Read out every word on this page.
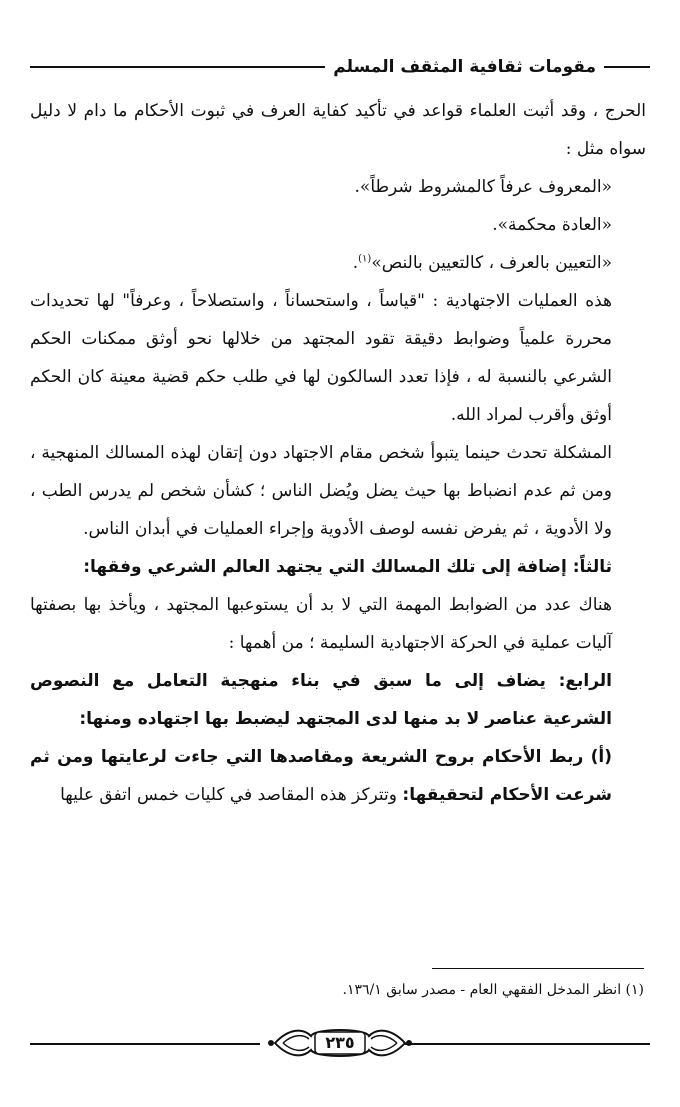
مقومات ثقافية المثقف المسلم

الحرج ، وقد أثبت العلماء قواعد في تأكيد كفاية العرف في ثبوت الأحكام ما دام لا دليل سواه مثل :

«المعروف عرفاً كالمشروط شرطاً».

«العادة محكمة».

«التعيين بالعرف ، كالتعيين بالنص»$^{(١)}$.

هذه العمليات الاجتهادية : "قياساً ، واستحساناً ، واستصلاحاً ، وعرفاً" لها تحديدات محررة علمياً وضوابط دقيقة تقود المجتهد من خلالها نحو أوثق ممكنات الحكم الشرعي بالنسبة له ، فإذا تعدد السالكون لها في طلب حكم قضية معينة كان الحكم أوثق وأقرب لمراد الله.

المشكلة تحدث حينما يتبوأ شخص مقام الاجتهاد دون إتقان لهذه المسالك المنهجية ، ومن ثم عدم انضباط بها حيث يضل ويُضل الناس ؛ كشأن شخص لم يدرس الطب ، ولا الأدوية ، ثم يفرض نفسه لوصف الأدوية وإجراء العمليات في أبدان الناس.

ثالثاً: إضافة إلى تلك المسالك التي يجتهد العالم الشرعي وفقها:

هناك عدد من الضوابط المهمة التي لا بد أن يستوعبها المجتهد ، ويأخذ بها بصفتها آليات عملية في الحركة الاجتهادية السليمة ؛ من أهمها :

الرابع: يضاف إلى ما سبق في بناء منهجية التعامل مع النصوص الشرعية عناصر لا بد منها لدى المجتهد ليضبط بها اجتهاده ومنها:

(أ) ربط الأحكام بروح الشريعة ومقاصدها التي جاءت لرعايتها ومن ثم شرعت الأحكام لتحقيقها: وتتركز هذه المقاصد في كليات خمس اتفق عليها

(١) انظر المدخل الفقهي العام - مصدر سابق ١٣٦/١.
٢٣٥
